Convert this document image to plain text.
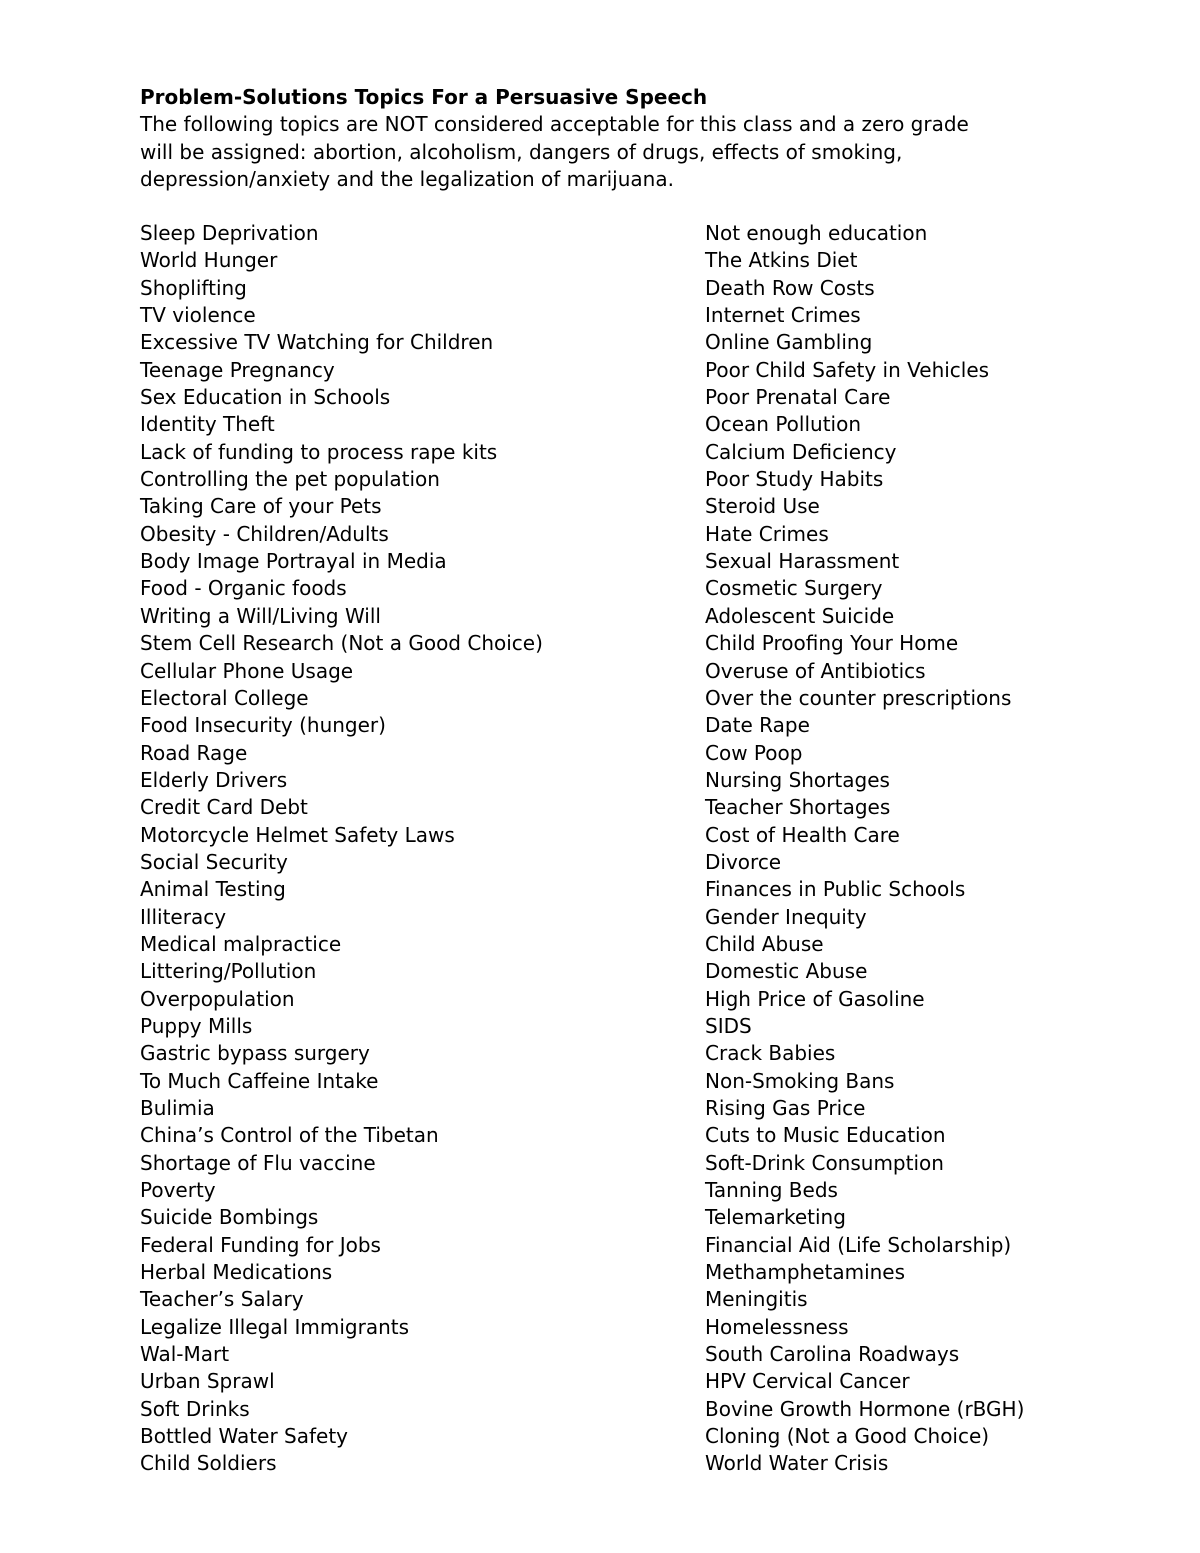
Problem-Solutions Topics For a Persuasive Speech

The following topics are NOT considered acceptable for this class and a zero grade

will be assigned: abortion, alcoholism, dangers of drugs, effects of smoking,

depression/anxiety and the legalization of marijuana.

Sleep Deprivation
World Hunger
Shoplifting
TV violence
Excessive TV Watching for Children
Teenage Pregnancy
Sex Education in Schools
Identity Theft
Lack of funding to process rape kits
Controlling the pet population
Taking Care of your Pets
Obesity - Children/Adults
Body Image Portrayal in Media
Food - Organic foods
Writing a Will/Living Will
Stem Cell Research (Not a Good Choice)
Cellular Phone Usage
Electoral College
Food Insecurity (hunger)
Road Rage
Elderly Drivers
Credit Card Debt
Motorcycle Helmet Safety Laws
Social Security
Animal Testing
Illiteracy
Medical malpractice
Littering/Pollution
Overpopulation
Puppy Mills
Gastric bypass surgery
To Much Caffeine Intake
Bulimia
China’s Control of the Tibetan
Shortage of Flu vaccine
Poverty
Suicide Bombings
Federal Funding for Jobs
Herbal Medications
Teacher’s Salary
Legalize Illegal Immigrants
Wal-Mart
Urban Sprawl
Soft Drinks
Bottled Water Safety
Child Soldiers
Not enough education
The Atkins Diet
Death Row Costs
Internet Crimes
Online Gambling
Poor Child Safety in Vehicles
Poor Prenatal Care
Ocean Pollution
Calcium Deficiency
Poor Study Habits
Steroid Use
Hate Crimes
Sexual Harassment
Cosmetic Surgery
Adolescent Suicide
Child Proofing Your Home
Overuse of Antibiotics
Over the counter prescriptions
Date Rape
Cow Poop
Nursing Shortages
Teacher Shortages
Cost of Health Care
Divorce
Finances in Public Schools
Gender Inequity
Child Abuse
Domestic Abuse
High Price of Gasoline
SIDS
Crack Babies
Non-Smoking Bans
Rising Gas Price
Cuts to Music Education
Soft-Drink Consumption
Tanning Beds
Telemarketing
Financial Aid (Life Scholarship)
Methamphetamines
Meningitis
Homelessness
South Carolina Roadways
HPV Cervical Cancer
Bovine Growth Hormone (rBGH)
Cloning (Not a Good Choice)
World Water Crisis
